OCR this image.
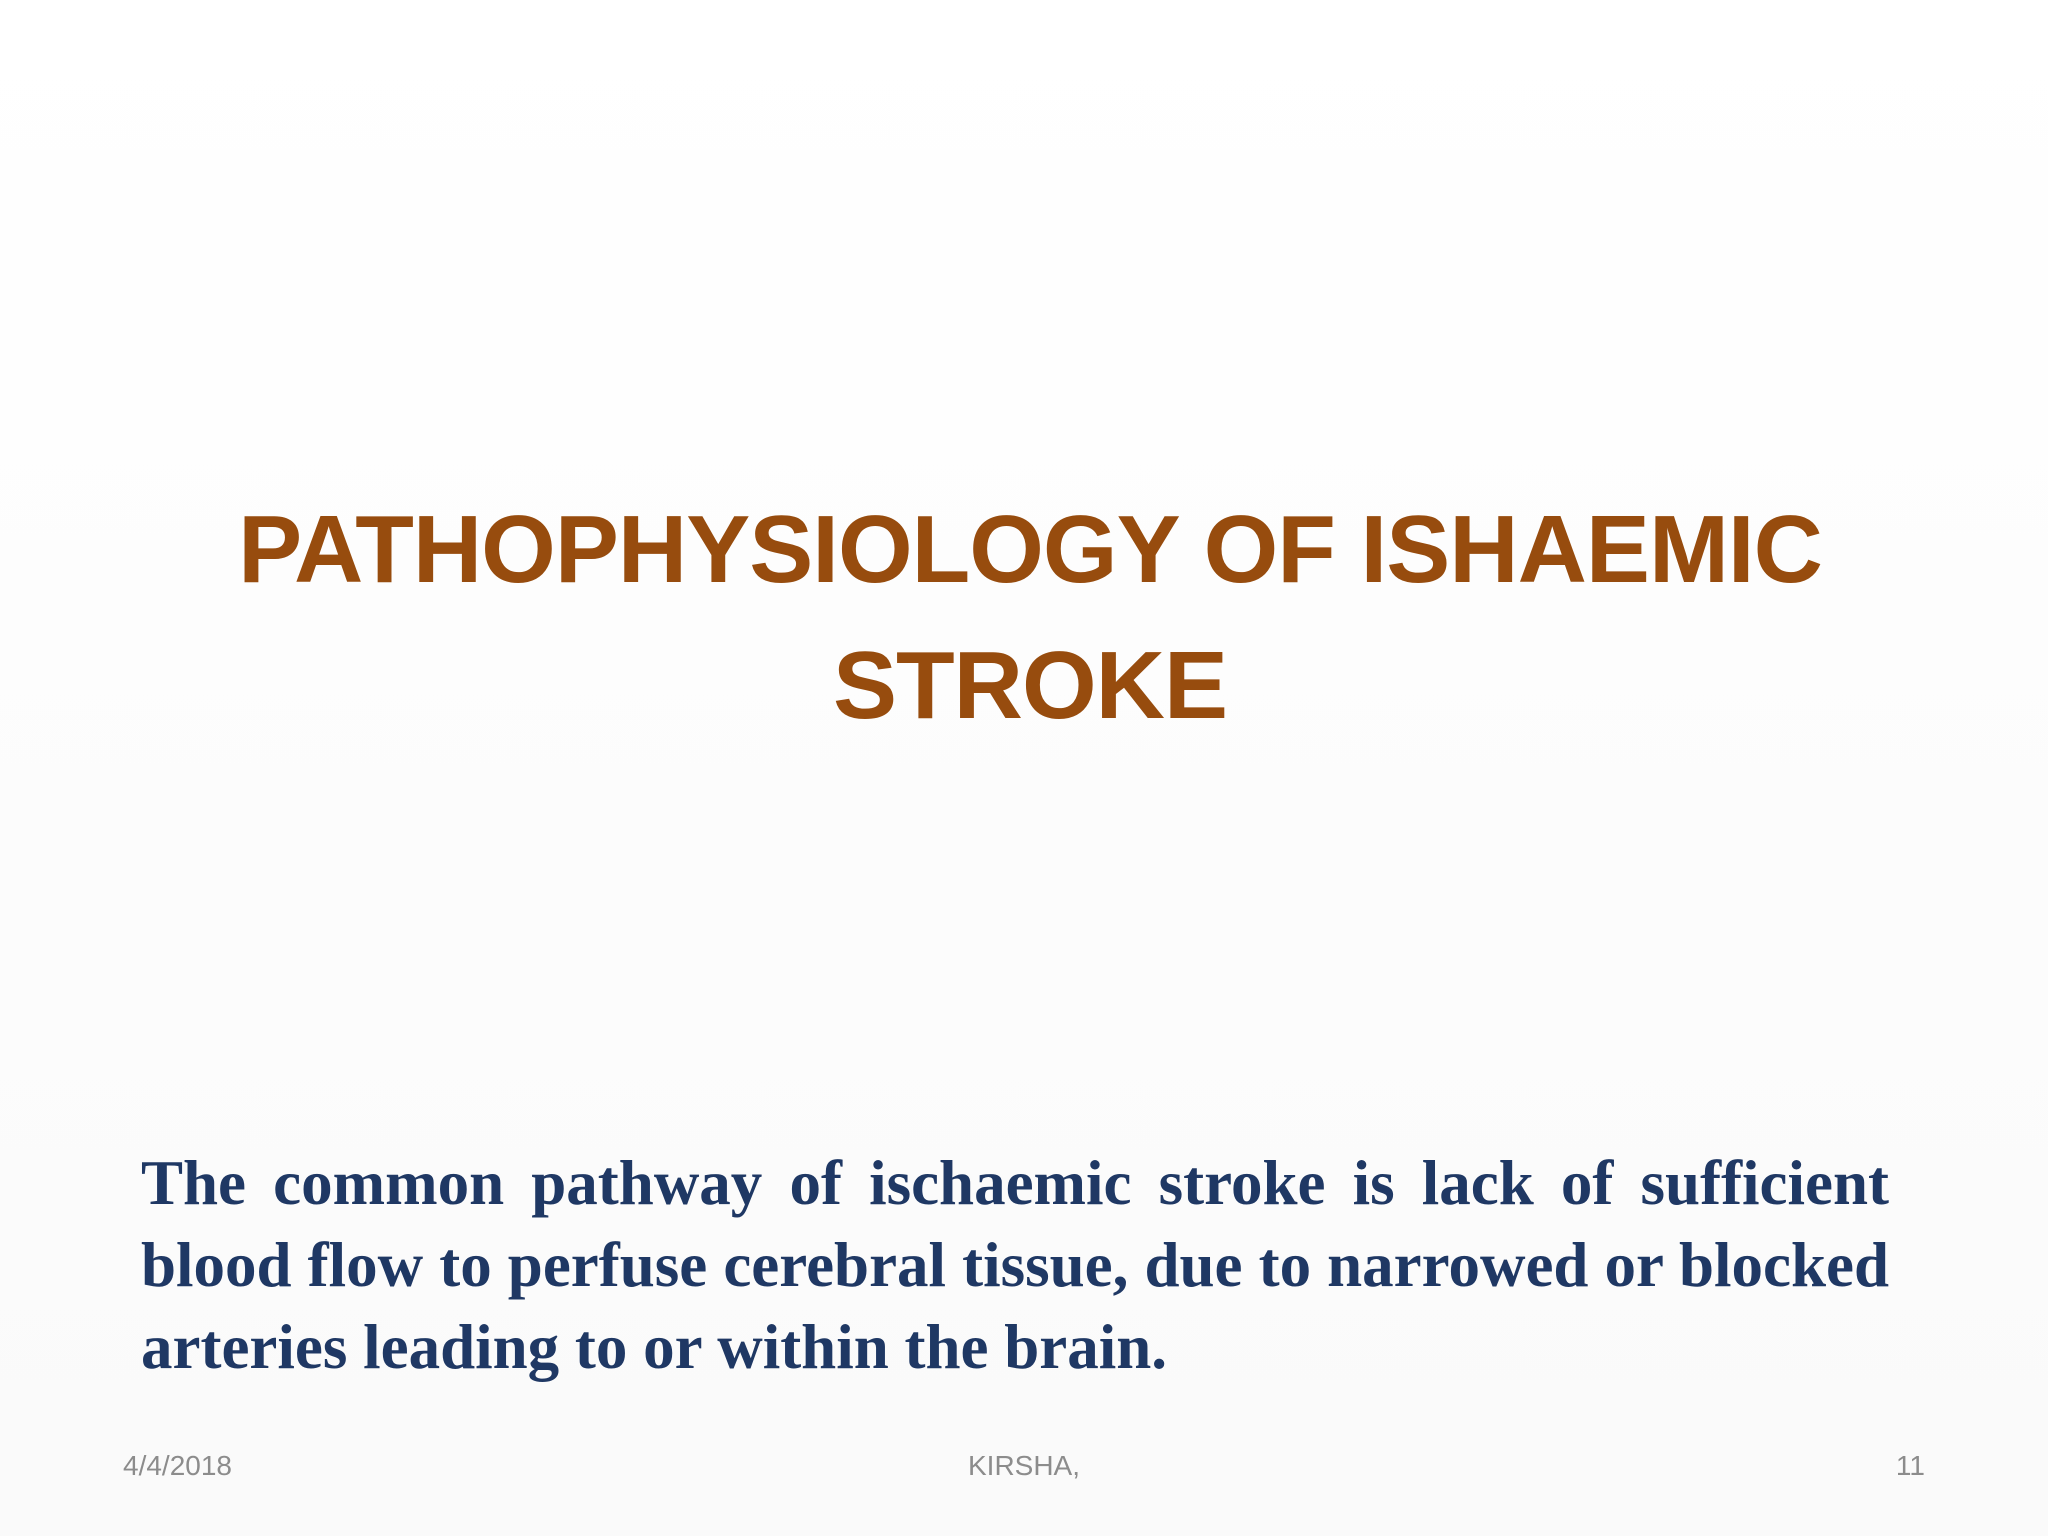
PATHOPHYSIOLOGY OF ISHAEMIC
STROKE
The common pathway of ischaemic stroke is lack of sufficient blood flow to perfuse cerebral tissue, due to narrowed or blocked arteries leading to or within the brain.
4/4/2018	KIRSHA,	11
